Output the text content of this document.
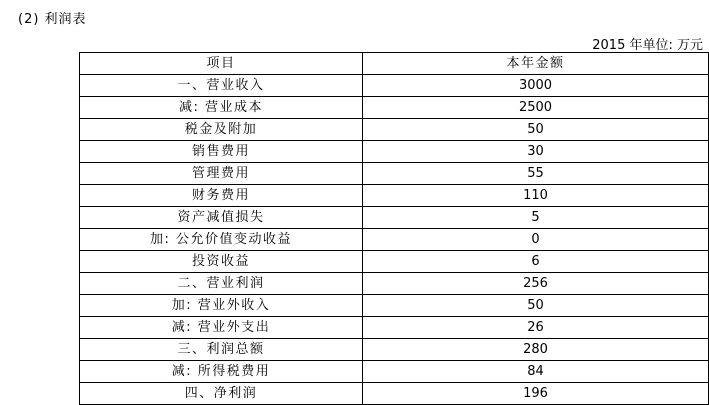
(2) 利润表
2015 年单位: 万元
项目	本年金额
一、营业收入	3000
减: 营业成本	2500
税金及附加	50
销售费用	30
管理费用	55
财务费用	110
资产减值损失	5
加: 公允价值变动收益	0
投资收益	6
二、营业利润	256
加: 营业外收入	50
减: 营业外支出	26
三、利润总额	280
减: 所得税费用	84
四、净利润	196
